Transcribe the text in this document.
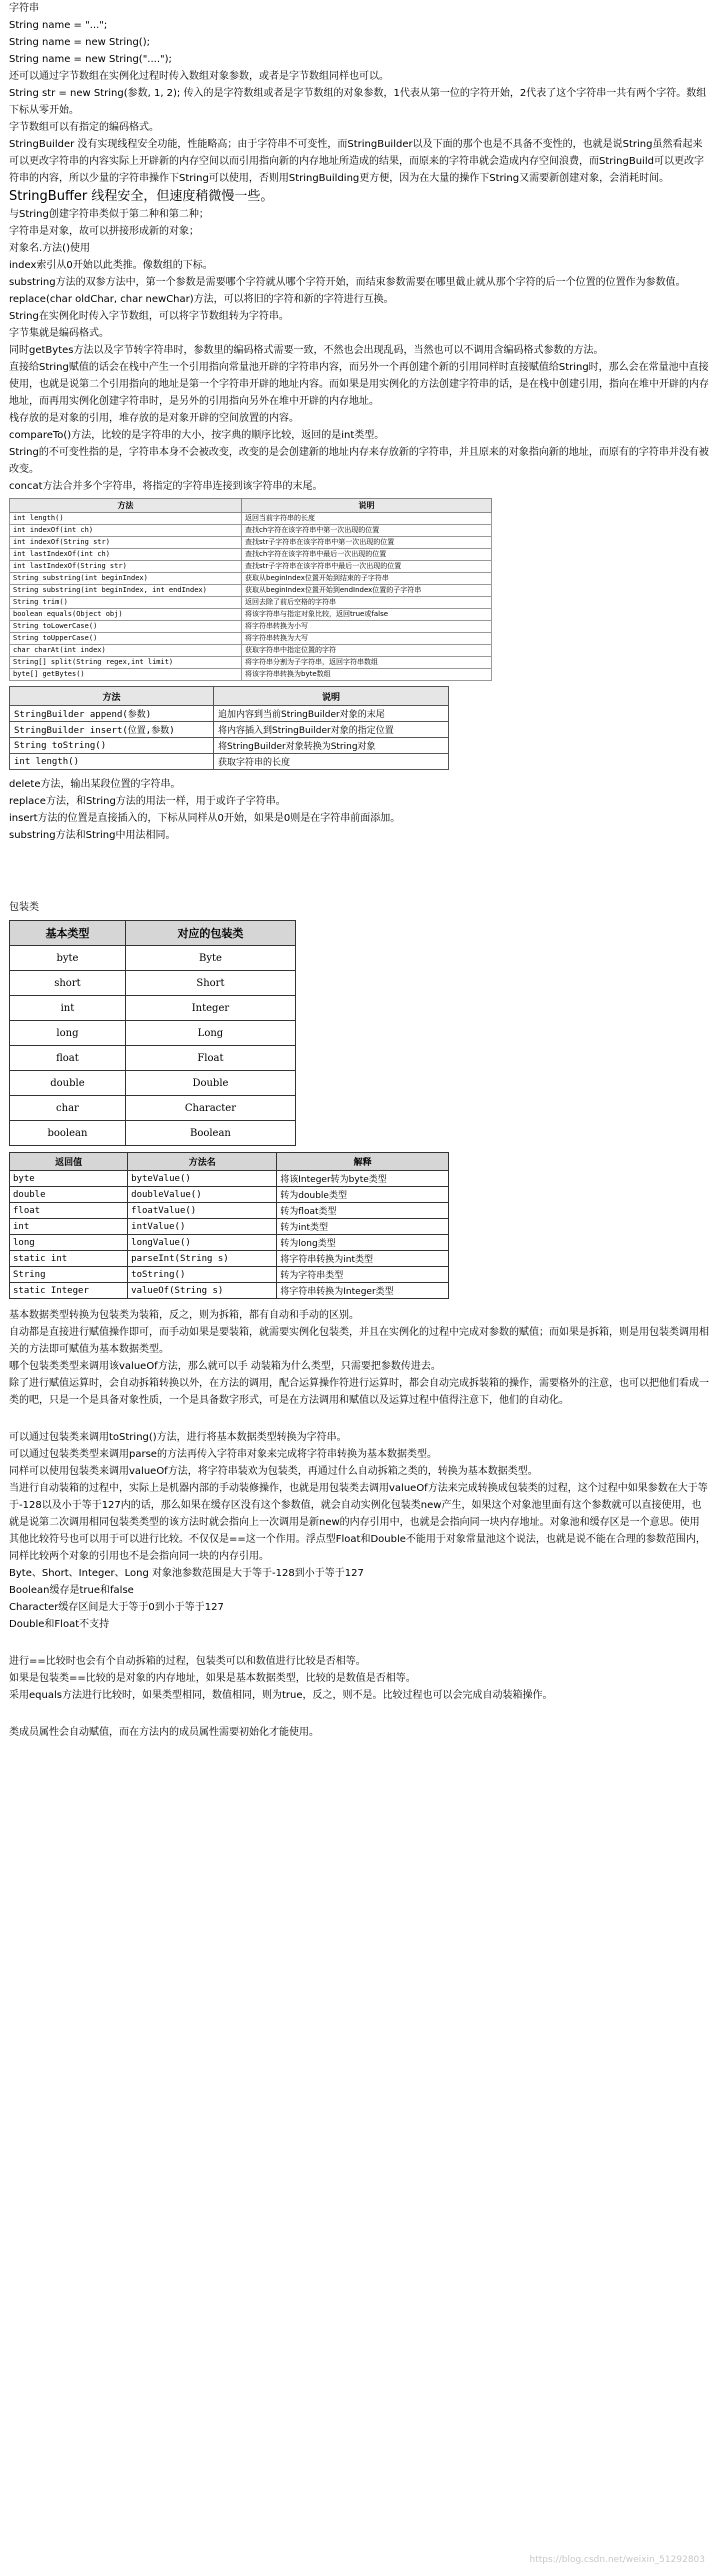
字符串

String name = "...";

String name = new String();

String name = new String("....");

还可以通过字节数组在实例化过程时传入数组对象参数，或者是字节数组同样也可以。

String str = new String(参数, 1, 2); 传入的是字符数组或者是字节数组的对象参数，1代表从第一位的字符开始，2代表了这个字符串一共有两个字符。数组下标从零开始。

字节数组可以有指定的编码格式。

StringBuilder 没有实现线程安全功能，性能略高；由于字符串不可变性，而StringBuilder以及下面的那个也是不具备不变性的，也就是说String虽然看起来可以更改字符串的内容实际上开辟新的内存空间以而引用指向新的内存地址所造成的结果，而原来的字符串就会造成内存空间浪费，而StringBuild可以更改字符串的内容，所以少量的字符串操作下String可以使用，否则用StringBuilding更方便，因为在大量的操作下String又需要新创建对象，会消耗时间。

StringBuffer 线程安全，但速度稍微慢一些。

与String创建字符串类似于第二种和第二种；

字符串是对象，故可以拼接形成新的对象；

对象名.方法()使用

index索引从0开始以此类推。像数组的下标。

substring方法的双参方法中，第一个参数是需要哪个字符就从哪个字符开始，而结束参数需要在哪里截止就从那个字符的后一个位置的位置作为参数值。

replace(char oldChar, char newChar)方法，可以将旧的字符和新的字符进行互换。

String在实例化时传入字节数组，可以将字节数组转为字符串。

字节集就是编码格式。

同时getBytes方法以及字节转字符串时，参数里的编码格式需要一致，不然也会出现乱码，当然也可以不调用含编码格式参数的方法。

直接给String赋值的话会在栈中产生一个引用指向常量池开辟的字符串内容，而另外一个再创建个新的引用同样时直接赋值给String时，那么会在常量池中直接使用，也就是说第二个引用指向的地址是第一个字符串开辟的地址内容。而如果是用实例化的方法创建字符串的话，是在栈中创建引用，指向在堆中开辟的内存地址，而再用实例化创建字符串时，是另外的引用指向另外在堆中开辟的内存地址。

栈存放的是对象的引用，堆存放的是对象开辟的空间放置的内容。

compareTo()方法，比较的是字符串的大小，按字典的顺序比较，返回的是int类型。

String的不可变性指的是，字符串本身不会被改变，改变的是会创建新的地址内存来存放新的字符串，并且原来的对象指向新的地址，而原有的字符串并没有被改变。

concat方法合并多个字符串，将指定的字符串连接到该字符串的末尾。

方法	说明
int length()	返回当前字符串的长度
int indexOf(int ch)	查找ch字符在该字符串中第一次出现的位置
int indexOf(String str)	查找str子字符串在该字符串中第一次出现的位置
int lastIndexOf(int ch)	查找ch字符在该字符串中最后一次出现的位置
int lastIndexOf(String str)	查找str子字符串在该字符串中最后一次出现的位置
String substring(int beginIndex)	获取从beginIndex位置开始到结束的子字符串
String substring(int beginIndex, int endIndex)	获取从beginIndex位置开始到endIndex位置的子字符串
String trim()	返回去除了前后空格的字符串
boolean equals(Object obj)	将该字符串与指定对象比较，返回true或false
String toLowerCase()	将字符串转换为小写
String toUpperCase()	将字符串转换为大写
char charAt(int index)	获取字符串中指定位置的字符
String[] split(String regex,int limit)	将字符串分割为子字符串，返回字符串数组
byte[] getBytes()	将该字符串转换为byte数组
方法	说明
StringBuilder append(参数)	追加内容到当前StringBuilder对象的末尾
StringBuilder insert(位置,参数)	将内容插入到StringBuilder对象的指定位置
String toString()	将StringBuilder对象转换为String对象
int length()	获取字符串的长度

delete方法，输出某段位置的字符串。

replace方法，和String方法的用法一样，用于或许子字符串。

insert方法的位置是直接插入的，下标从同样从0开始，如果是0则是在字符串前面添加。

substring方法和String中用法相同。

包装类

基本类型	对应的包装类
byte	Byte
short	Short
int	Integer
long	Long
float	Float
double	Double
char	Character
boolean	Boolean
返回值	方法名	解释
byte	byteValue()	将该Integer转为byte类型
double	doubleValue()	转为double类型
float	floatValue()	转为float类型
int	intValue()	转为int类型
long	longValue()	转为long类型
static int	parseInt(String s)	将字符串转换为int类型
String	toString()	转为字符串类型
static Integer	valueOf(String s)	将字符串转换为Integer类型

基本数据类型转换为包装类为装箱，反之，则为拆箱，都有自动和手动的区别。

自动都是直接进行赋值操作即可，而手动如果是要装箱，就需要实例化包装类，并且在实例化的过程中完成对参数的赋值；而如果是拆箱，则是用包装类调用相关的方法即可赋值为基本数据类型。

哪个包装类类型来调用该valueOf方法，那么就可以手 动装箱为什么类型，只需要把参数传进去。

除了进行赋值运算时，会自动拆箱转换以外，在方法的调用，配合运算操作符进行运算时，都会自动完成拆装箱的操作，需要格外的注意，也可以把他们看成一类的吧，只是一个是具备对象性质，一个是具备数字形式，可是在方法调用和赋值以及运算过程中值得注意下，他们的自动化。

可以通过包装类来调用toString()方法，进行将基本数据类型转换为字符串。

可以通过包装类类型来调用parse的方法再传入字符串对象来完成将字符串转换为基本数据类型。

同样可以使用包装类来调用valueOf方法，将字符串装欢为包装类，再通过什么自动拆箱之类的，转换为基本数据类型。

当进行自动装箱的过程中，实际上是机器内部的手动装修操作，也就是用包装类去调用valueOf方法来完成转换成包装类的过程，这个过程中如果参数在大于等于-128以及小于等于127内的话，那么如果在缓存区没有这个参数值，就会自动实例化包装类new产生，如果这个对象池里面有这个参数就可以直接使用，也就是说第二次调用相同包装类类型的该方法时就会指向上一次调用是新new的内存引用中，也就是会指向同一块内存地址。对象池和缓存区是一个意思。使用其他比较符号也可以用于可以进行比较。不仅仅是==这一个作用。浮点型Float和Double不能用于对象常量池这个说法，也就是说不能在合理的参数范围内，同样比较两个对象的引用也不是会指向同一块的内存引用。

Byte、Short、Integer、Long 对象池参数范围是大于等于-128到小于等于127

Boolean缓存是true和false

Character缓存区间是大于等于0到小于等于127

Double和Float不支持

进行==比较时也会有个自动拆箱的过程，包装类可以和数值进行比较是否相等。

如果是包装类==比较的是对象的内存地址，如果是基本数据类型，比较的是数值是否相等。

采用equals方法进行比较时，如果类型相同，数值相同，则为true，反之，则不是。比较过程也可以会完成自动装箱操作。

类成员属性会自动赋值，而在方法内的成员属性需要初始化才能使用。

https://blog.csdn.net/weixin_51292803
